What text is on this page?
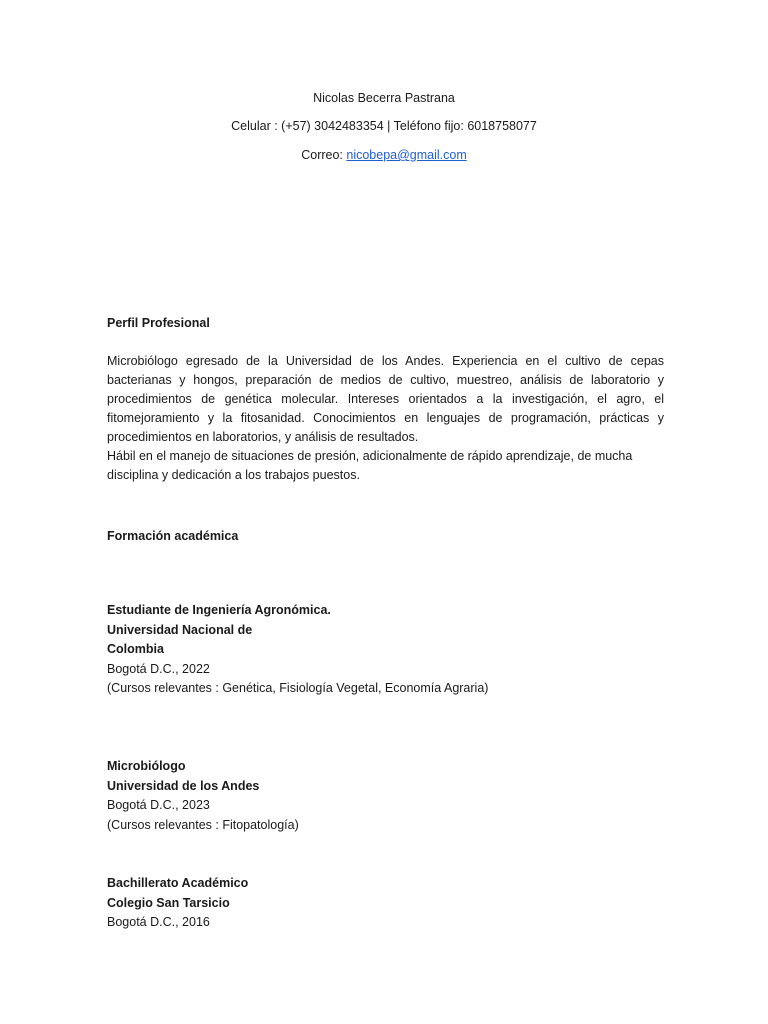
Nicolas Becerra Pastrana
Celular : (+57) 3042483354 | Teléfono fijo: 6018758077
Correo: nicobepa@gmail.com
Perfil Profesional
Microbiólogo egresado de la Universidad de los Andes. Experiencia en el cultivo de cepas bacterianas y hongos, preparación de medios de cultivo, muestreo, análisis de laboratorio y procedimientos de genética molecular. Intereses orientados a la investigación, el agro, el fitomejoramiento y la fitosanidad. Conocimientos en lenguajes de programación, prácticas y procedimientos en laboratorios, y análisis de resultados.
Hábil en el manejo de situaciones de presión, adicionalmente de rápido aprendizaje, de mucha
disciplina y dedicación a los trabajos puestos.
Formación académica
Estudiante de Ingeniería Agronómica.
Universidad Nacional de
Colombia
Bogotá D.C., 2022
(Cursos relevantes : Genética, Fisiología Vegetal, Economía Agraria)
Microbiólogo
Universidad de los Andes
Bogotá D.C., 2023
(Cursos relevantes : Fitopatología)
Bachillerato Académico
Colegio San Tarsicio
Bogotá D.C., 2016
